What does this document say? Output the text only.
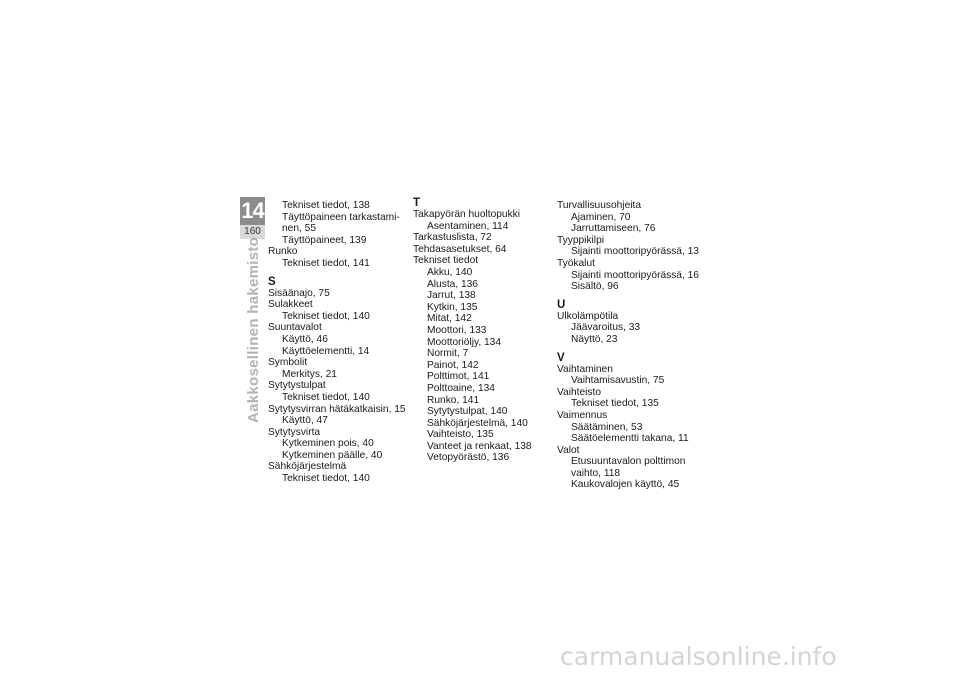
14
160
Aakkosellinen hakemisto
Tekniset tiedot, 138
Täyttöpaineen tarkastami-
nen, 55
Täyttöpaineet, 139
Runko
Tekniset tiedot, 141
S
Sisäänajo, 75
Sulakkeet
Tekniset tiedot, 140
Suuntavalot
Käyttö, 46
Käyttöelementti, 14
Symbolit
Merkitys, 21
Sytytystulpat
Tekniset tiedot, 140
Sytytysvirran hätäkatkaisin, 15
Käyttö, 47
Sytytysvirta
Kytkeminen pois, 40
Kytkeminen päälle, 40
Sähköjärjestelmä
Tekniset tiedot, 140
T
Takapyörän huoltopukki
Asentaminen, 114
Tarkastuslista, 72
Tehdasasetukset, 64
Tekniset tiedot
Akku, 140
Alusta, 136
Jarrut, 138
Kytkin, 135
Mitat, 142
Moottori, 133
Moottoriöljy, 134
Normit, 7
Painot, 142
Polttimot, 141
Polttoaine, 134
Runko, 141
Sytytystulpat, 140
Sähköjärjestelmä, 140
Vaihteisto, 135
Vanteet ja renkaat, 138
Vetopyörästö, 136
Turvallisuusohjeita
Ajaminen, 70
Jarruttamiseen, 76
Tyyppikilpi
Sijainti moottoripyörässä, 13
Työkalut
Sijainti moottoripyörässä, 16
Sisältö, 96
U
Ulkolämpötila
Jäävaroitus, 33
Näyttö, 23
V
Vaihtaminen
Vaihtamisavustin, 75
Vaihteisto
Tekniset tiedot, 135
Vaimennus
Säätäminen, 53
Säätöelementti takana, 11
Valot
Etusuuntavalon polttimon
vaihto, 118
Kaukovalojen käyttö, 45
carmanualsonline.info
